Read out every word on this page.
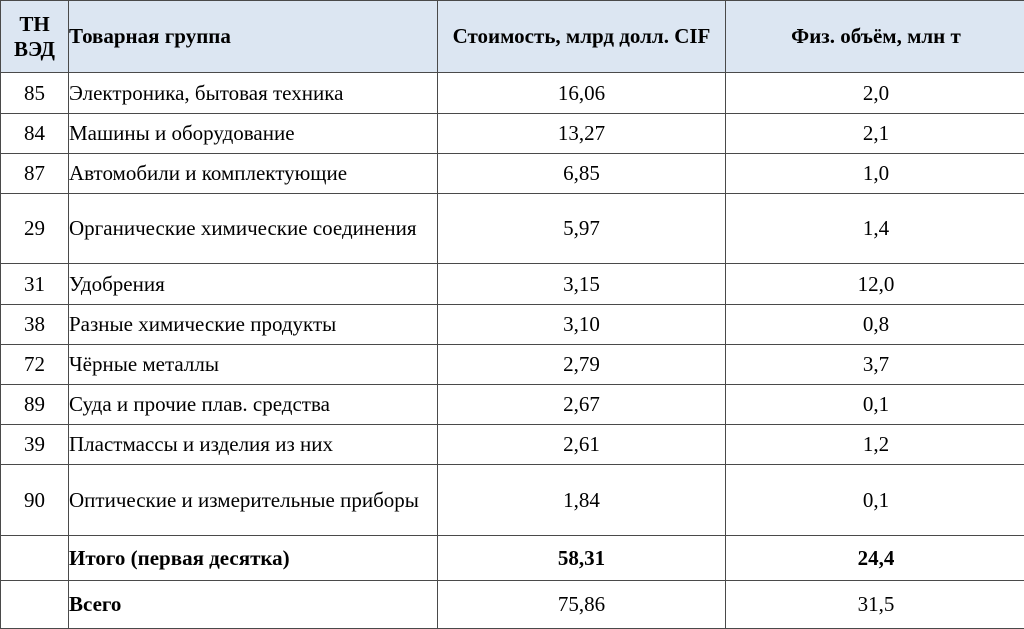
ТН ВЭД	Товарная группа	Стоимость, млрд долл. CIF	Физ. объём, млн т
85	Электроника, бытовая техника	16,06	2,0
84	Машины и оборудование	13,27	2,1
87	Автомобили и комплектующие	6,85	1,0
29	Органические химические соединения	5,97	1,4
31	Удобрения	3,15	12,0
38	Разные химические продукты	3,10	0,8
72	Чёрные металлы	2,79	3,7
89	Суда и прочие плав. средства	2,67	0,1
39	Пластмассы и изделия из них	2,61	1,2
90	Оптические и измерительные приборы	1,84	0,1
	Итого (первая десятка)	58,31	24,4
	Всего	75,86	31,5
